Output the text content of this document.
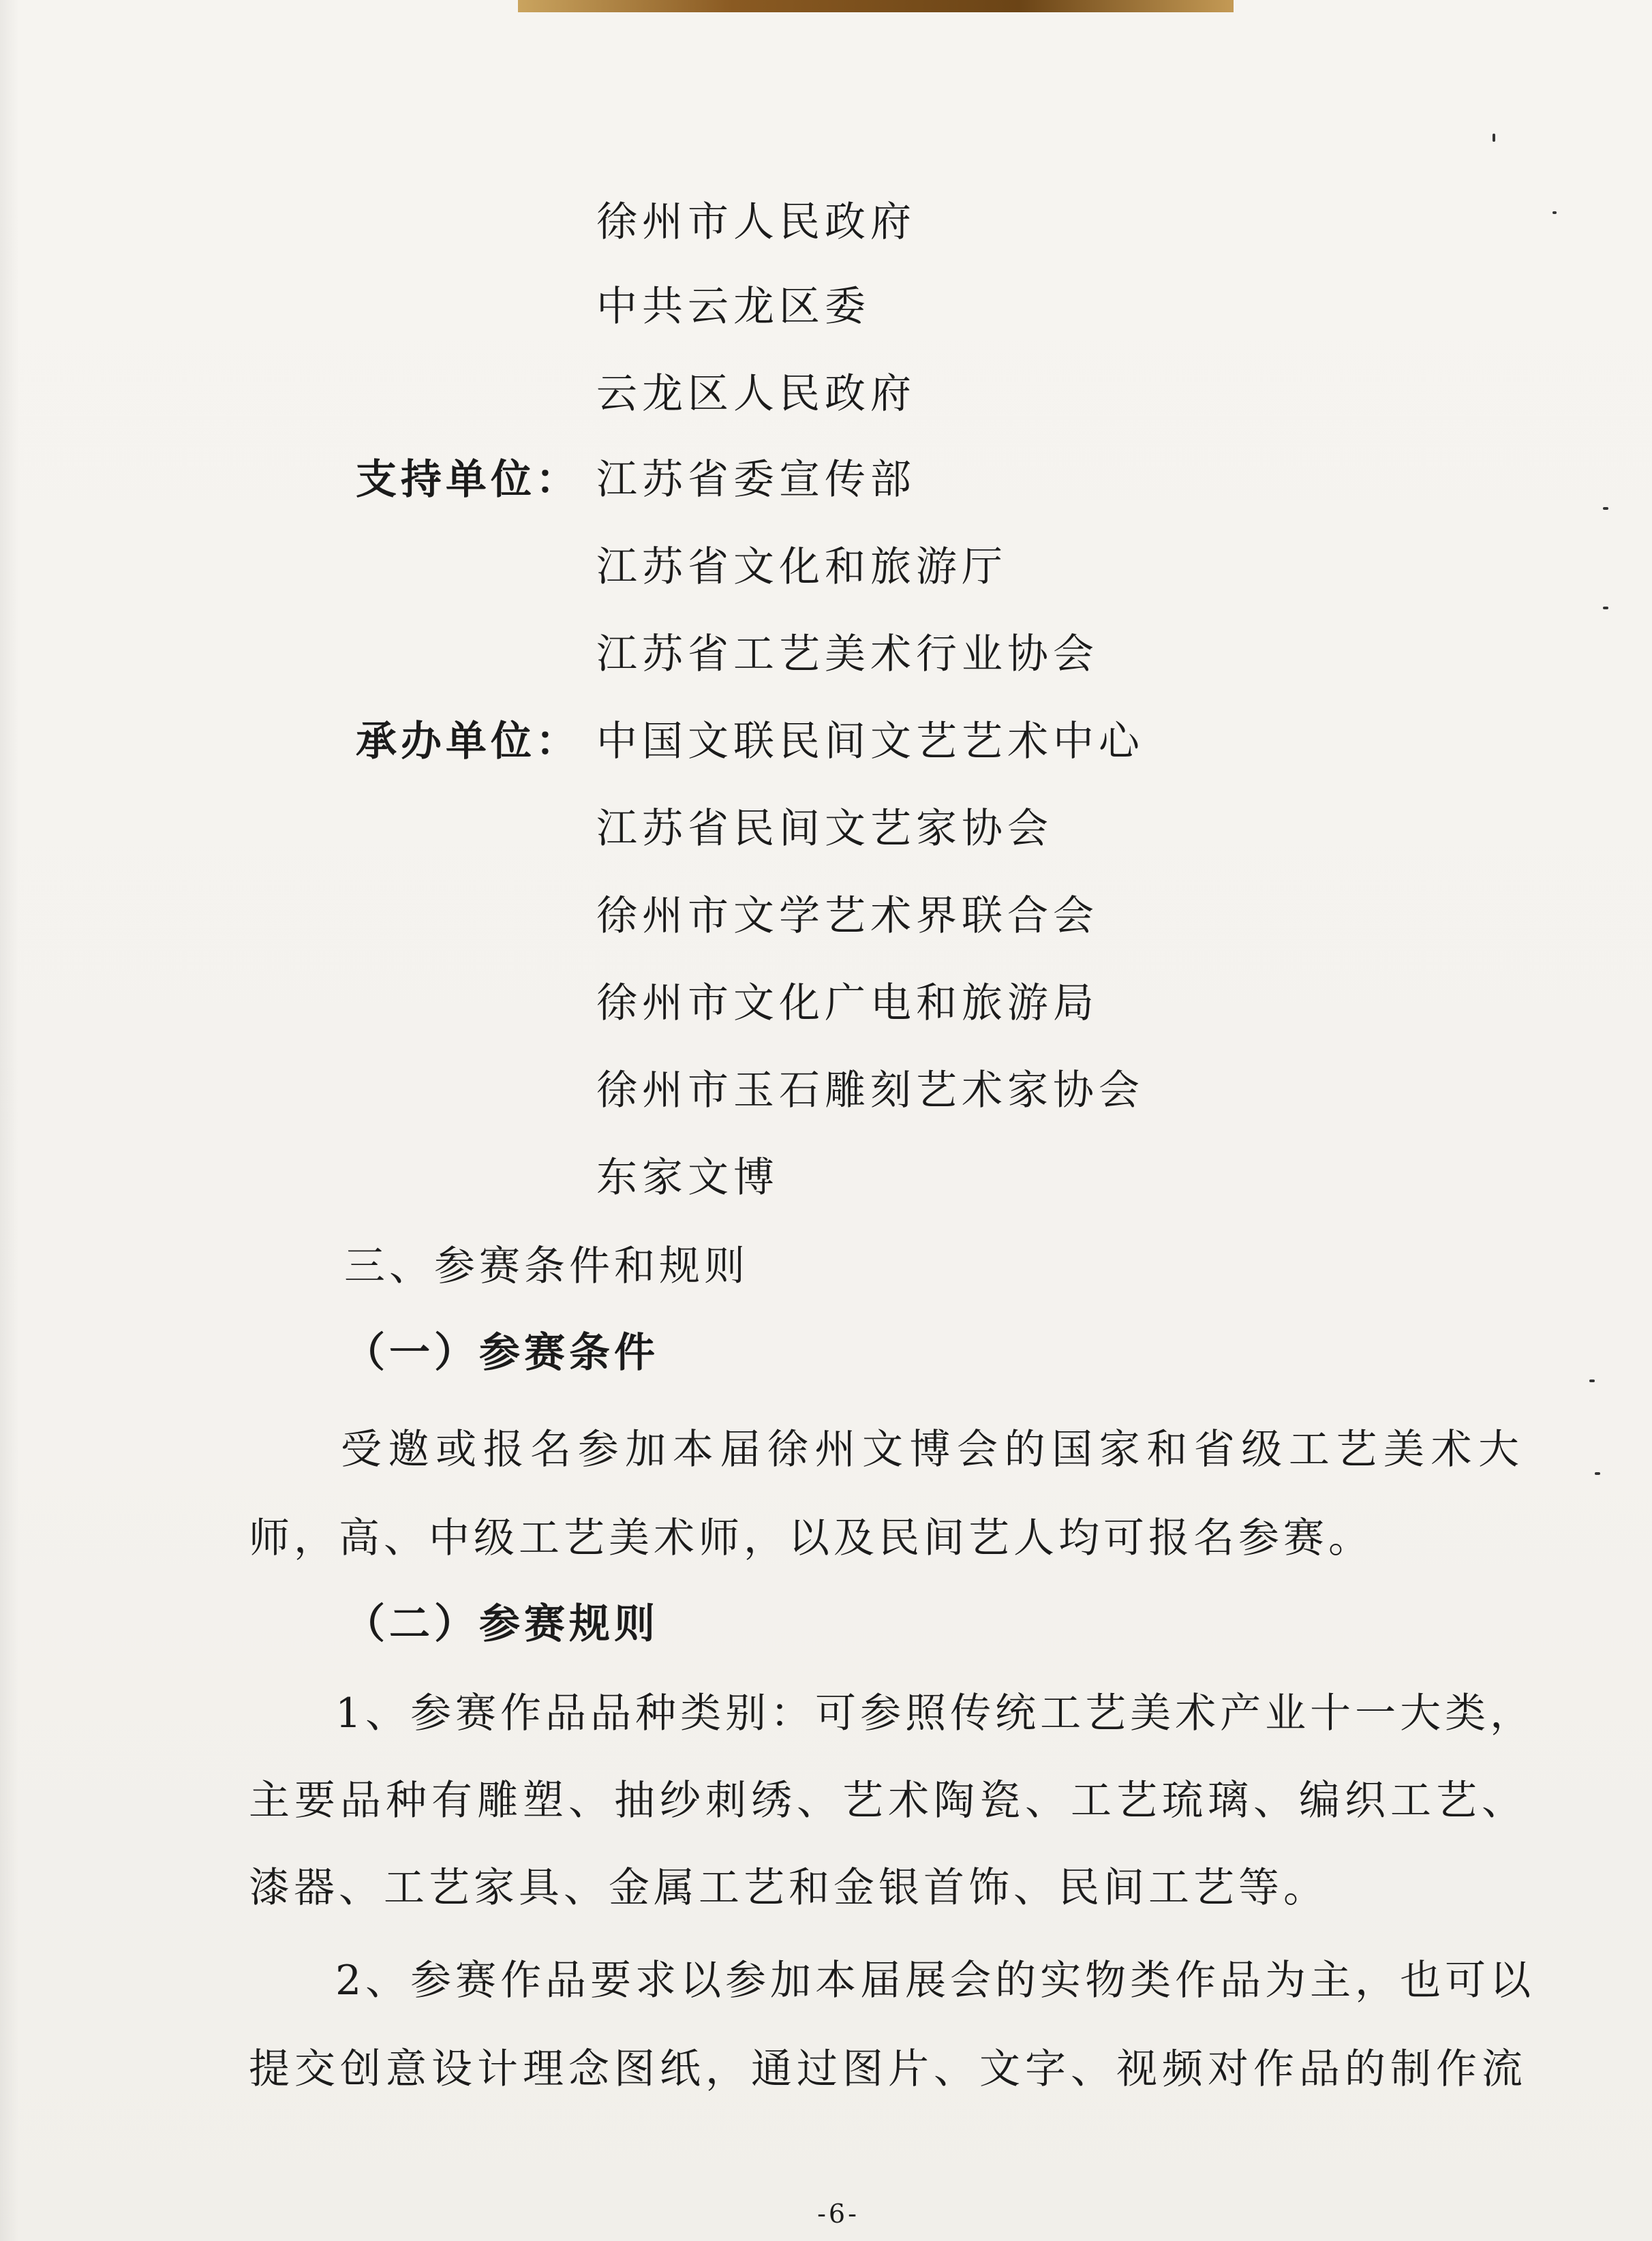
徐州市人民政府

中共云龙区委

云龙区人民政府

支持单位： 江苏省委宣传部

江苏省文化和旅游厅

江苏省工艺美术行业协会

承办单位： 中国文联民间文艺艺术中心

江苏省民间文艺家协会

徐州市文学艺术界联合会

徐州市文化广电和旅游局

徐州市玉石雕刻艺术家协会

东家文博

三、参赛条件和规则

（一）参赛条件

受邀或报名参加本届徐州文博会的国家和省级工艺美术大

师，高、中级工艺美术师，以及民间艺人均可报名参赛。

（二）参赛规则

1、参赛作品品种类别：可参照传统工艺美术产业十一大类，

主要品种有雕塑、抽纱刺绣、艺术陶瓷、工艺琉璃、编织工艺、

漆器、工艺家具、金属工艺和金银首饰、民间工艺等。

2、参赛作品要求以参加本届展会的实物类作品为主，也可以

提交创意设计理念图纸，通过图片、文字、视频对作品的制作流

-6-
